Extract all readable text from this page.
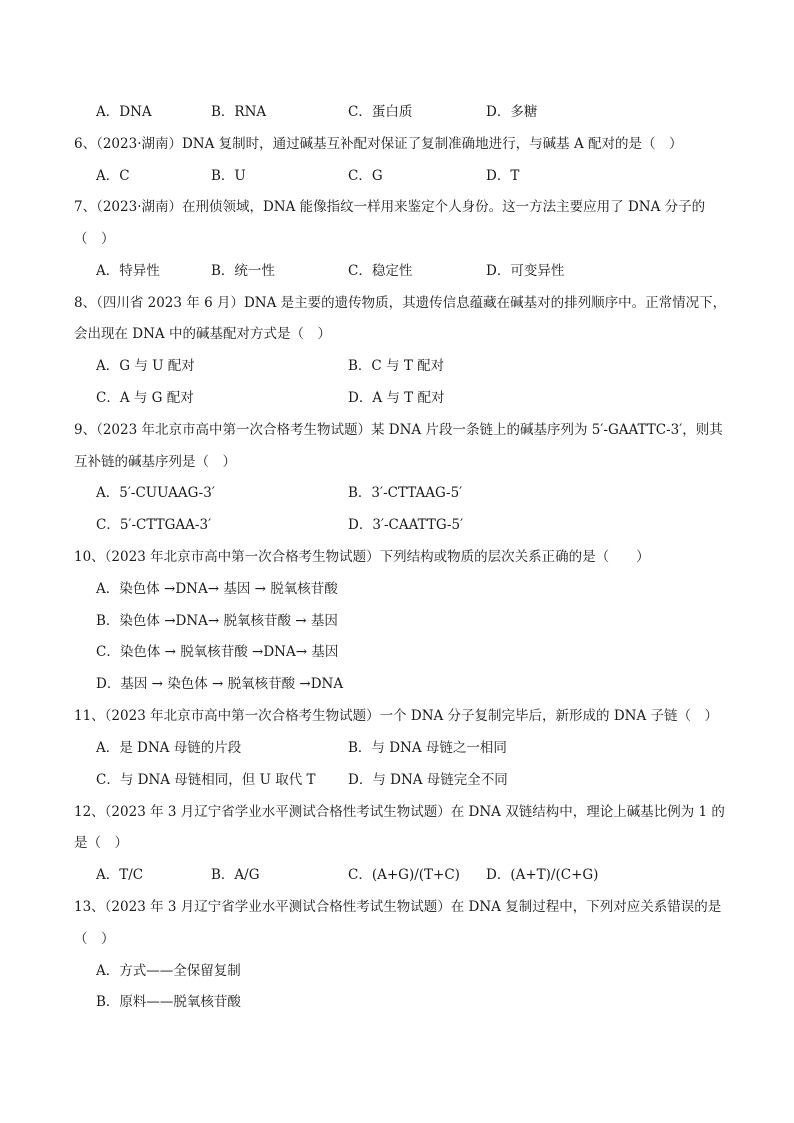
A．DNA	B．RNA	C．蛋白质	D．多糖
6、（2023·湖南）DNA 复制时，通过碱基互补配对保证了复制准确地进行，与碱基 A 配对的是（　）
A．C	B．U	C．G	D．T
7、（2023·湖南）在刑侦领域，DNA 能像指纹一样用来鉴定个人身份。这一方法主要应用了 DNA 分子的
（　）
A．特异性	B．统一性	C．稳定性	D．可变异性
8、（四川省 2023 年 6 月）DNA 是主要的遗传物质，其遗传信息蕴藏在碱基对的排列顺序中。正常情况下，
会出现在 DNA 中的碱基配对方式是（　）
A．G 与 U 配对	B．C 与 T 配对
C．A 与 G 配对	D．A 与 T 配对
9、（2023 年北京市高中第一次合格考生物试题）某 DNA 片段一条链上的碱基序列为 5′-GAATTC-3′，则其
互补链的碱基序列是（　）
A．5′-CUUAAG-3′	B．3′-CTTAAG-5′
C．5′-CTTGAA-3′	D．3′-CAATTG-5′
10、（2023 年北京市高中第一次合格考生物试题）下列结构或物质的层次关系正确的是（　　）
A．染色体 →DNA→ 基因 → 脱氧核苷酸
B．染色体 →DNA→ 脱氧核苷酸 → 基因
C．染色体 → 脱氧核苷酸 →DNA→ 基因
D．基因 → 染色体 → 脱氧核苷酸 →DNA
11、（2023 年北京市高中第一次合格考生物试题）一个 DNA 分子复制完毕后，新形成的 DNA 子链（　）
A．是 DNA 母链的片段	B．与 DNA 母链之一相同
C．与 DNA 母链相同，但 U 取代 T D．与 DNA 母链完全不同
12、（2023 年 3 月辽宁省学业水平测试合格性考试生物试题）在 DNA 双链结构中，理论上碱基比例为 1 的
是（　）
A．T/C	B．A/G	C．(A+G)/(T+C) D．(A+T)/(C+G)
13、（2023 年 3 月辽宁省学业水平测试合格性考试生物试题）在 DNA 复制过程中，下列对应关系错误的是
（　）
A．方式——全保留复制
B．原料——脱氧核苷酸
